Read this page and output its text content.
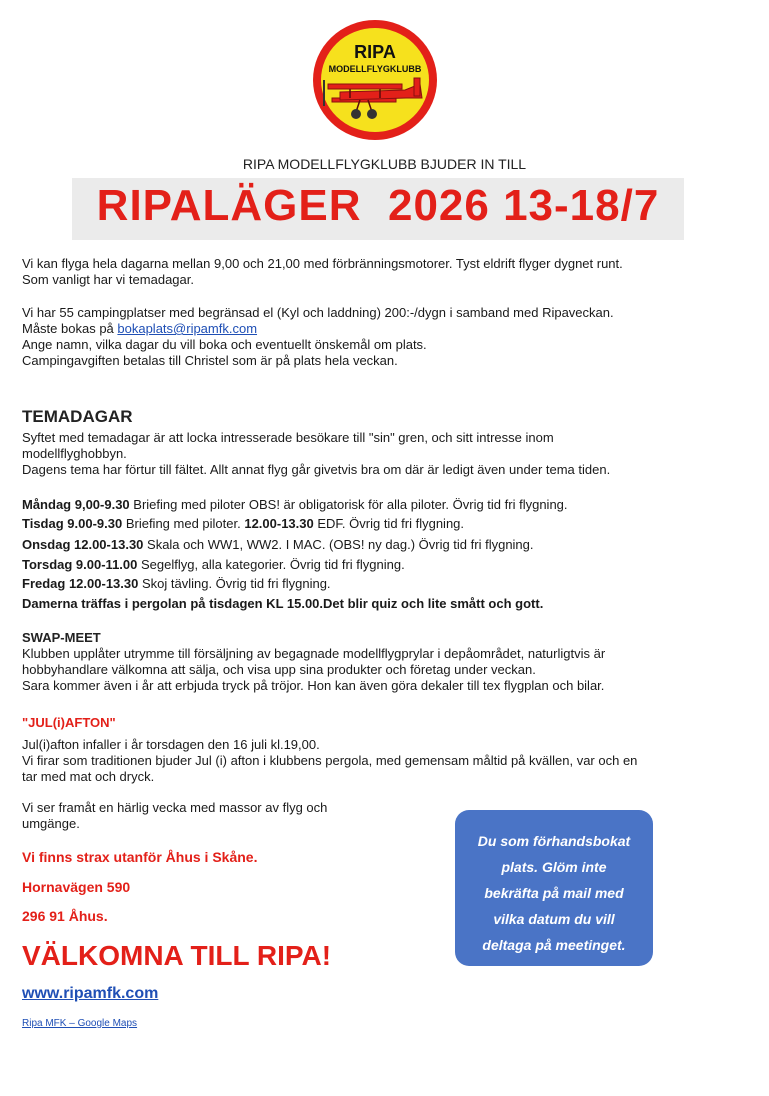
RIPA
MODELLFLYGKLUBB
RIPA MODELLFLYGKLUBB BJUDER IN TILL
RIPALÄGER  2026 13-18/7
Vi kan flyga hela dagarna mellan 9,00 och 21,00 med förbränningsmotorer. Tyst eldrift flyger dygnet runt.
Som vanligt har vi temadagar.
Vi har 55 campingplatser med begränsad el (Kyl och laddning) 200:-/dygn i samband med Ripaveckan.
Måste bokas på bokaplats@ripamfk.com
Ange namn, vilka dagar du vill boka och eventuellt önskemål om plats.
Campingavgiften betalas till Christel som är på plats hela veckan.
TEMADAGAR
Syftet med temadagar är att locka intresserade besökare till "sin" gren, och sitt intresse inom
modellflyghobbyn.
Dagens tema har förtur till fältet. Allt annat flyg går givetvis bra om där är ledigt även under tema tiden.
Måndag 9,00-9.30 Briefing med piloter OBS! är obligatorisk för alla piloter. Övrig tid fri flygning.
Tisdag 9.00-9.30 Briefing med piloter. 12.00-13.30 EDF. Övrig tid fri flygning.
Onsdag 12.00-13.30 Skala och WW1, WW2. I MAC. (OBS! ny dag.) Övrig tid fri flygning.
Torsdag 9.00-11.00 Segelflyg, alla kategorier. Övrig tid fri flygning.
Fredag 12.00-13.30 Skoj tävling. Övrig tid fri flygning.
Damerna träffas i pergolan på tisdagen KL 15.00.Det blir quiz och lite smått och gott.
SWAP-MEET
Klubben upplåter utrymme till försäljning av begagnade modellflygprylar i depåområdet, naturligtvis är
hobbyhandlare välkomna att sälja, och visa upp sina produkter och företag under veckan.
Sara kommer även i år att erbjuda tryck på tröjor. Hon kan även göra dekaler till tex flygplan och bilar.
"JUL(i)AFTON"
Jul(i)afton infaller i år torsdagen den 16 juli kl.19,00.
Vi firar som traditionen bjuder Jul (i) afton i klubbens pergola, med gemensam måltid på kvällen, var och en
tar med mat och dryck.
Vi ser framåt en härlig vecka med massor av flyg och
umgänge.
Vi finns strax utanför Åhus i Skåne.
Hornavägen 590
296 91 Åhus.
VÄLKOMNA TILL RIPA!
www.ripamfk.com
Ripa MFK – Google Maps
Du som förhandsbokat
plats. Glöm inte
bekräfta på mail med
vilka datum du vill
deltaga på meetinget.
